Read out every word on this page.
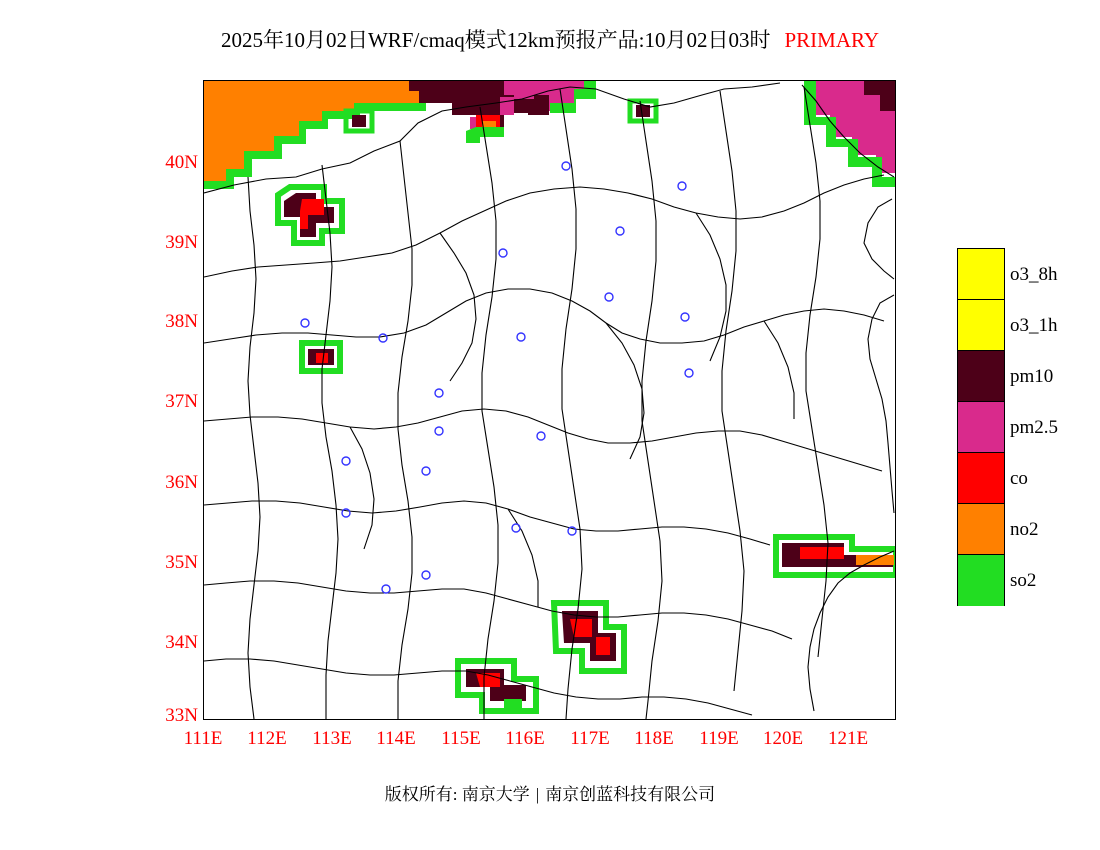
2025年10月02日WRF/cmaq模式12km预报产品:10月02日03时 PRIMARY
40N
39N
38N
37N
36N
35N
34N
33N
111E	112E	113E	114E	115E	116E	117E	118E	119E	120E	121E
o3_8h
o3_1h
pm10
pm2.5
co
no2
so2
版权所有: 南京大学 | 南京创蓝科技有限公司
